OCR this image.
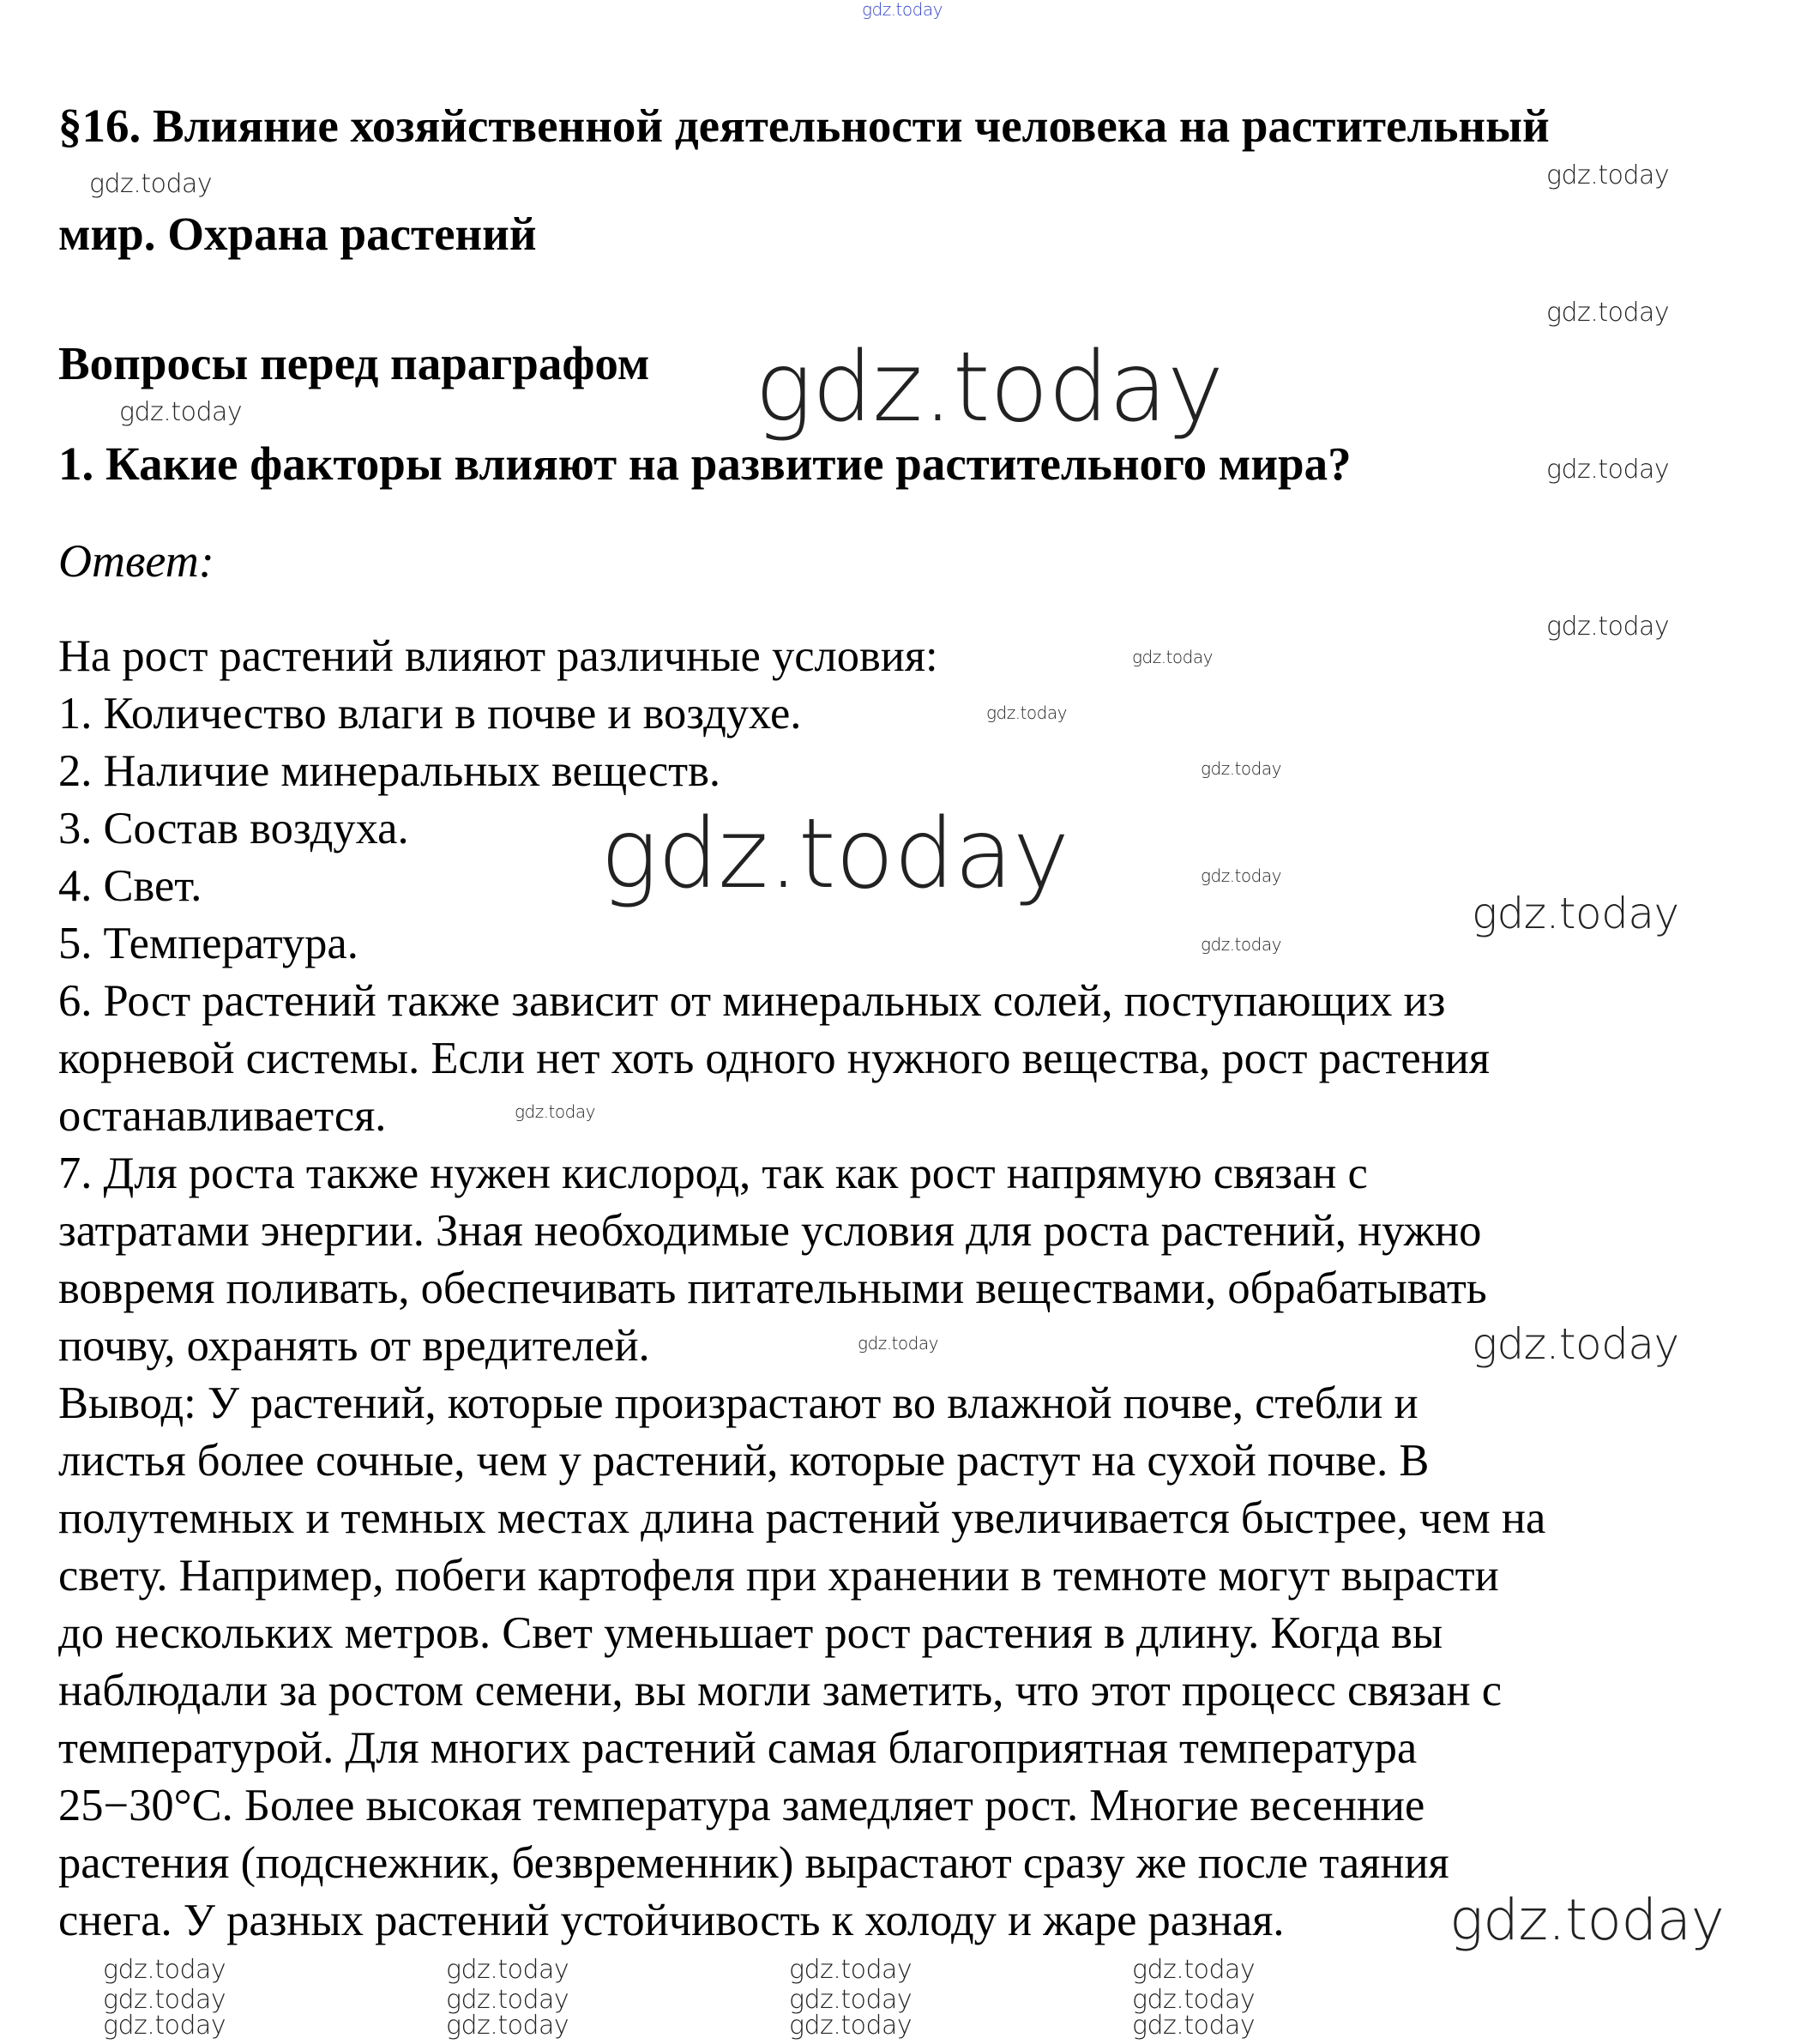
§16. Влияние хозяйственной деятельности человека на растительный
мир. Охрана растений
Вопросы перед параграфом
1. Какие факторы влияют на развитие растительного мира?
Ответ:
На рост растений влияют различные условия:
1. Количество влаги в почве и воздухе.
2. Наличие минеральных веществ.
3. Состав воздуха.
4. Свет.
5. Температура.
6. Рост растений также зависит от минеральных солей, поступающих из
корневой системы. Если нет хоть одного нужного вещества, рост растения
останавливается.
7. Для роста также нужен кислород, так как рост напрямую связан с
затратами энергии. Зная необходимые условия для роста растений, нужно
вовремя поливать, обеспечивать питательными веществами, обрабатывать
почву, охранять от вредителей.
Вывод: У растений, которые произрастают во влажной почве, стебли и
листья более сочные, чем у растений, которые растут на сухой почве. В
полутемных и темных местах длина растений увеличивается быстрее, чем на
свету. Например, побеги картофеля при хранении в темноте могут вырасти
до нескольких метров. Свет уменьшает рост растения в длину. Когда вы
наблюдали за ростом семени, вы могли заметить, что этот процесс связан с
температурой. Для многих растений самая благоприятная температура
25−30°C. Более высокая температура замедляет рост. Многие весенние
растения (подснежник, безвременник) вырастают сразу же после таяния
снега. У разных растений устойчивость к холоду и жаре разная.
gdz.today
gdz.today
gdz.today
gdz.today
gdz.today
gdz.today
gdz.today
gdz.today
gdz.today
gdz.today
gdz.today
gdz.today	gdz.today
gdz.today
gdz.today
gdz.today
gdz.today	gdz.today
gdz.today
gdz.today	gdz.today	gdz.today	gdz.today
gdz.today	gdz.today	gdz.today	gdz.today
gdz.today	gdz.today	gdz.today	gdz.today
